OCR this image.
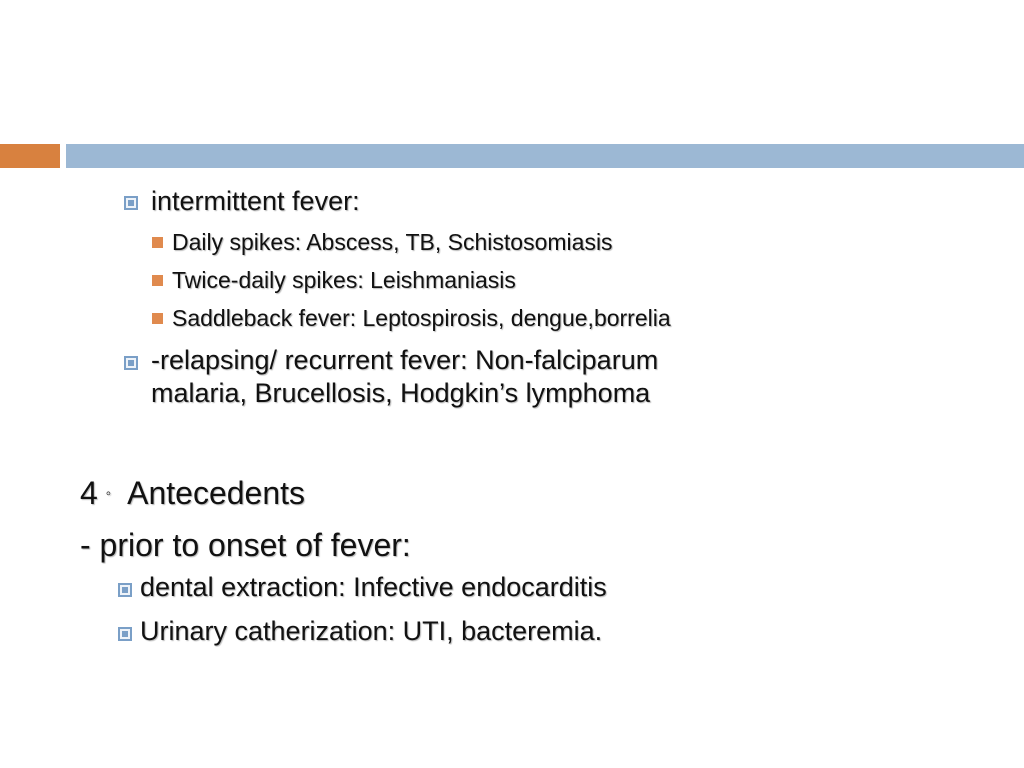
intermittent fever:
Daily spikes: Abscess, TB, Schistosomiasis
Twice-daily spikes: Leishmaniasis
Saddleback fever: Leptospirosis, dengue,borrelia
-relapsing/ recurrent fever: Non-falciparum
malaria, Brucellosis, Hodgkin’s lymphoma
4 ◦ Antecedents
- prior to onset of fever:
dental extraction: Infective endocarditis
Urinary catherization: UTI, bacteremia.
